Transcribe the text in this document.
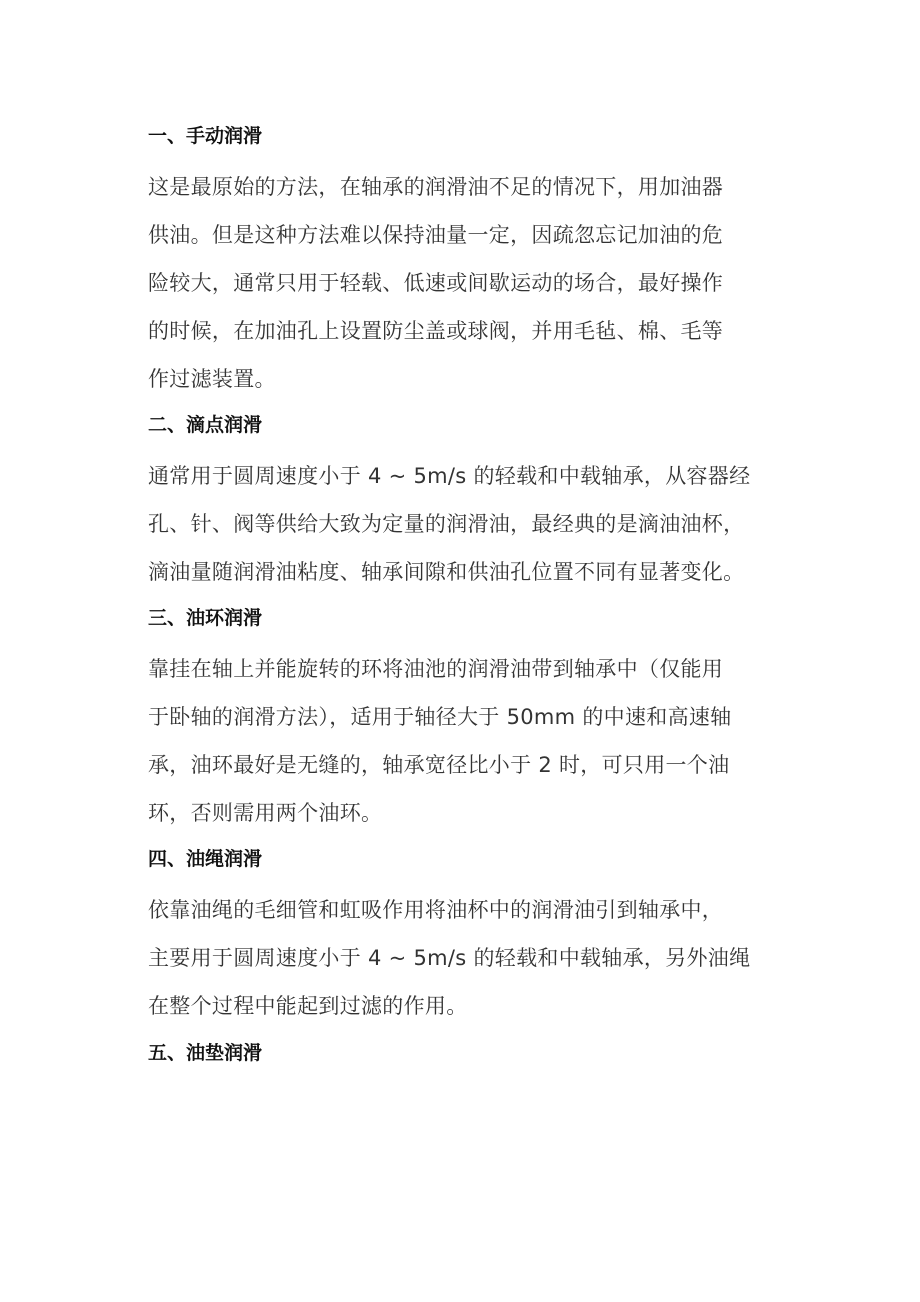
一、手动润滑
这是最原始的方法，在轴承的润滑油不足的情况下，用加油器
供油。但是这种方法难以保持油量一定，因疏忽忘记加油的危
险较大，通常只用于轻载、低速或间歇运动的场合，最好操作
的时候，在加油孔上设置防尘盖或球阀，并用毛毡、棉、毛等
作过滤装置。
二、滴点润滑
通常用于圆周速度小于 4 ~ 5m/s 的轻载和中载轴承，从容器经
孔、针、阀等供给大致为定量的润滑油，最经典的是滴油油杯，
滴油量随润滑油粘度、轴承间隙和供油孔位置不同有显著变化。
三、油环润滑
靠挂在轴上并能旋转的环将油池的润滑油带到轴承中（仅能用
于卧轴的润滑方法），适用于轴径大于 50mm 的中速和高速轴
承，油环最好是无缝的，轴承宽径比小于 2 时，可只用一个油
环，否则需用两个油环。
四、油绳润滑
依靠油绳的毛细管和虹吸作用将油杯中的润滑油引到轴承中，
主要用于圆周速度小于 4 ~ 5m/s 的轻载和中载轴承，另外油绳
在整个过程中能起到过滤的作用。
五、油垫润滑
